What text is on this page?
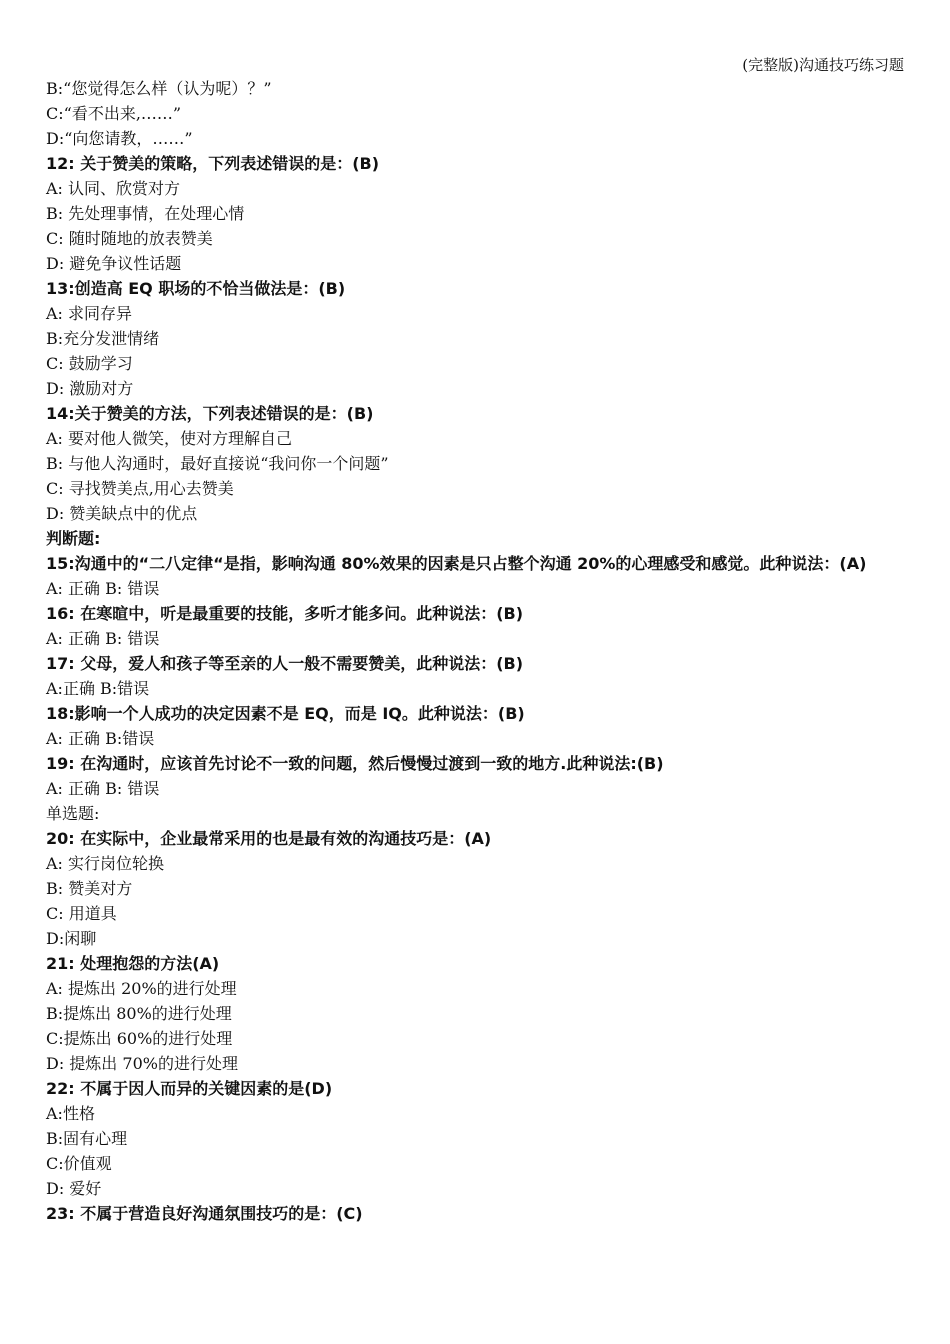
(完整版)沟通技巧练习题
B:“您觉得怎么样（认为呢）？”
C:“看不出来,……”
D:“向您请教，……”
12: 关于赞美的策略，下列表述错误的是：(B)
A: 认同、欣赏对方
B: 先处理事情，在处理心情
C: 随时随地的放表赞美
D: 避免争议性话题
13:创造高 EQ 职场的不恰当做法是：(B)
A: 求同存异
B:充分发泄情绪
C: 鼓励学习
D: 激励对方
14:关于赞美的方法，下列表述错误的是：(B)
A: 要对他人微笑，使对方理解自己
B: 与他人沟通时，最好直接说“我问你一个问题”
C: 寻找赞美点,用心去赞美
D: 赞美缺点中的优点
判断题:
15:沟通中的“二八定律“是指，影响沟通 80%效果的因素是只占整个沟通 20%的心理感受和感觉。此种说法：(A)
A: 正确 B: 错误
16: 在寒暄中，听是最重要的技能，多听才能多问。此种说法：(B)
A: 正确 B: 错误
17: 父母，爱人和孩子等至亲的人一般不需要赞美，此种说法：(B)
A:正确 B:错误
18:影响一个人成功的决定因素不是 EQ，而是 IQ。此种说法：(B)
A: 正确 B:错误
19: 在沟通时，应该首先讨论不一致的问题，然后慢慢过渡到一致的地方.此种说法:(B)
A: 正确 B: 错误
单选题:
20: 在实际中，企业最常采用的也是最有效的沟通技巧是：(A)
A: 实行岗位轮换
B: 赞美对方
C: 用道具
D:闲聊
21: 处理抱怨的方法(A)
A: 提炼出 20%的进行处理
B:提炼出 80%的进行处理
C:提炼出 60%的进行处理
D: 提炼出 70%的进行处理
22: 不属于因人而异的关键因素的是(D)
A:性格
B:固有心理
C:价值观
D: 爱好
23: 不属于营造良好沟通氛围技巧的是：(C)
